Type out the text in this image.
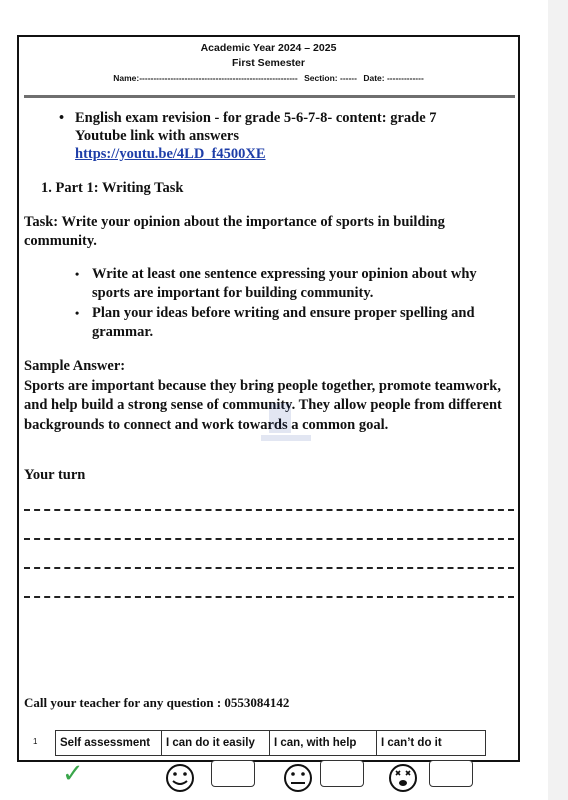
Academic Year 2024 – 2025
First Semester
Name:-------------------------------------------------------- Section: ------ Date: -------------
• English exam revision - for grade 5-6-7-8- content: grade 7
Youtube link with answers
https://youtu.be/4LD_f4500XE
1. Part 1: Writing Task
Task: Write your opinion about the importance of sports in building community.
• Write at least one sentence expressing your opinion about why sports are important for building community.
• Plan your ideas before writing and ensure proper spelling and grammar.
Sample Answer:
Sports are important because they bring people together, promote teamwork, and help build a strong sense of community. They allow people from different backgrounds to connect and work towards a common goal.
Your turn
Call your teacher for any question : 0553084142
1 Self assessment	I can do it easily	I can, with help	I can’t do it
✓
